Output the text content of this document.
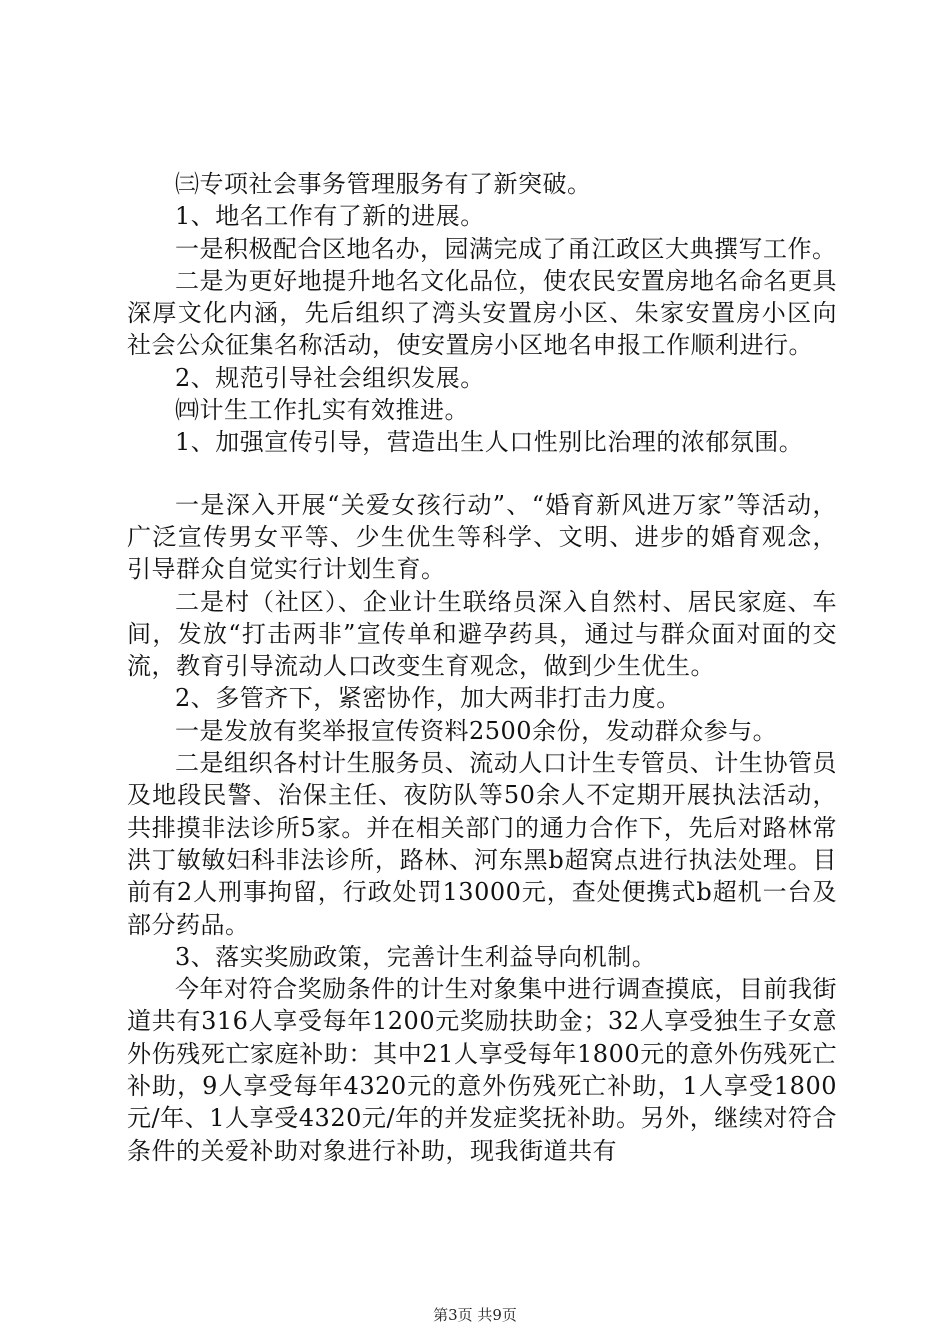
㈢专项社会事务管理服务有了新突破。

1、地名工作有了新的进展。

一是积极配合区地名办，园满完成了甬江政区大典撰写工作。

二是为更好地提升地名文化品位，使农民安置房地名命名更具深厚文化内涵，先后组织了湾头安置房小区、朱家安置房小区向社会公众征集名称活动，使安置房小区地名申报工作顺利进行。

2、规范引导社会组织发展。

㈣计生工作扎实有效推进。

1、加强宣传引导，营造出生人口性别比治理的浓郁氛围。

一是深入开展“关爱女孩行动”、“婚育新风进万家”等活动，广泛宣传男女平等、少生优生等科学、文明、进步的婚育观念，引导群众自觉实行计划生育。

二是村（社区）、企业计生联络员深入自然村、居民家庭、车间，发放“打击两非”宣传单和避孕药具，通过与群众面对面的交流，教育引导流动人口改变生育观念，做到少生优生。

2、多管齐下，紧密协作，加大两非打击力度。

一是发放有奖举报宣传资料2500余份，发动群众参与。

二是组织各村计生服务员、流动人口计生专管员、计生协管员及地段民警、治保主任、夜防队等50余人不定期开展执法活动，共排摸非法诊所5家。并在相关部门的通力合作下，先后对路林常洪丁敏敏妇科非法诊所，路林、河东黑b超窝点进行执法处理。目前有2人刑事拘留，行政处罚13000元，查处便携式b超机一台及部分药品。

3、落实奖励政策，完善计生利益导向机制。

今年对符合奖励条件的计生对象集中进行调查摸底，目前我街道共有316人享受每年1200元奖励扶助金；32人享受独生子女意外伤残死亡家庭补助：其中21人享受每年1800元的意外伤残死亡补助，9人享受每年4320元的意外伤残死亡补助，1人享受1800元/年、1人享受4320元/年的并发症奖抚补助。另外，继续对符合条件的关爱补助对象进行补助，现我街道共有

第3页 共9页
